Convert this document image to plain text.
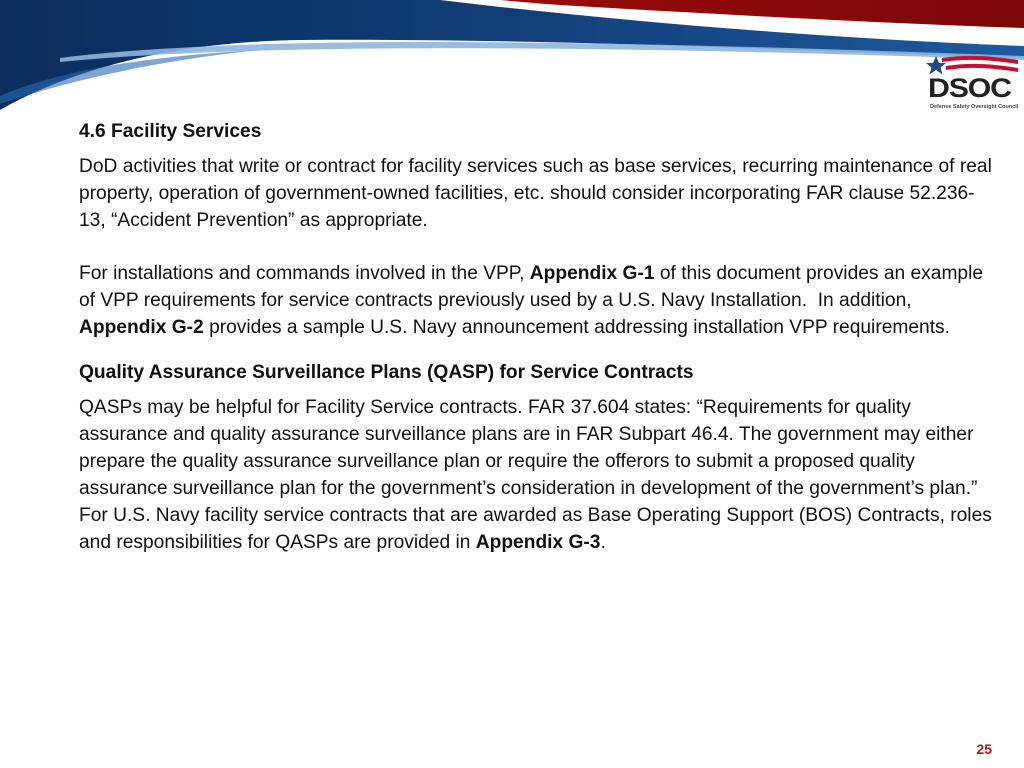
DSOC
Defense Safety Oversight Council

4.6 Facility Services

DoD activities that write or contract for facility services such as base services, recurring maintenance of real property, operation of government-owned facilities, etc. should consider incorporating FAR clause 52.236-13, “Accident Prevention” as appropriate.

For installations and commands involved in the VPP, Appendix G-1 of this document provides an example of VPP requirements for service contracts previously used by a U.S. Navy Installation.  In addition, Appendix G-2 provides a sample U.S. Navy announcement addressing installation VPP requirements.

Quality Assurance Surveillance Plans (QASP) for Service Contracts

QASPs may be helpful for Facility Service contracts. FAR 37.604 states: “Requirements for quality assurance and quality assurance surveillance plans are in FAR Subpart 46.4. The government may either prepare the quality assurance surveillance plan or require the offerors to submit a proposed quality assurance surveillance plan for the government’s consideration in development of the government’s plan.”  For U.S. Navy facility service contracts that are awarded as Base Operating Support (BOS) Contracts, roles and responsibilities for QASPs are provided in Appendix G-3.

25
